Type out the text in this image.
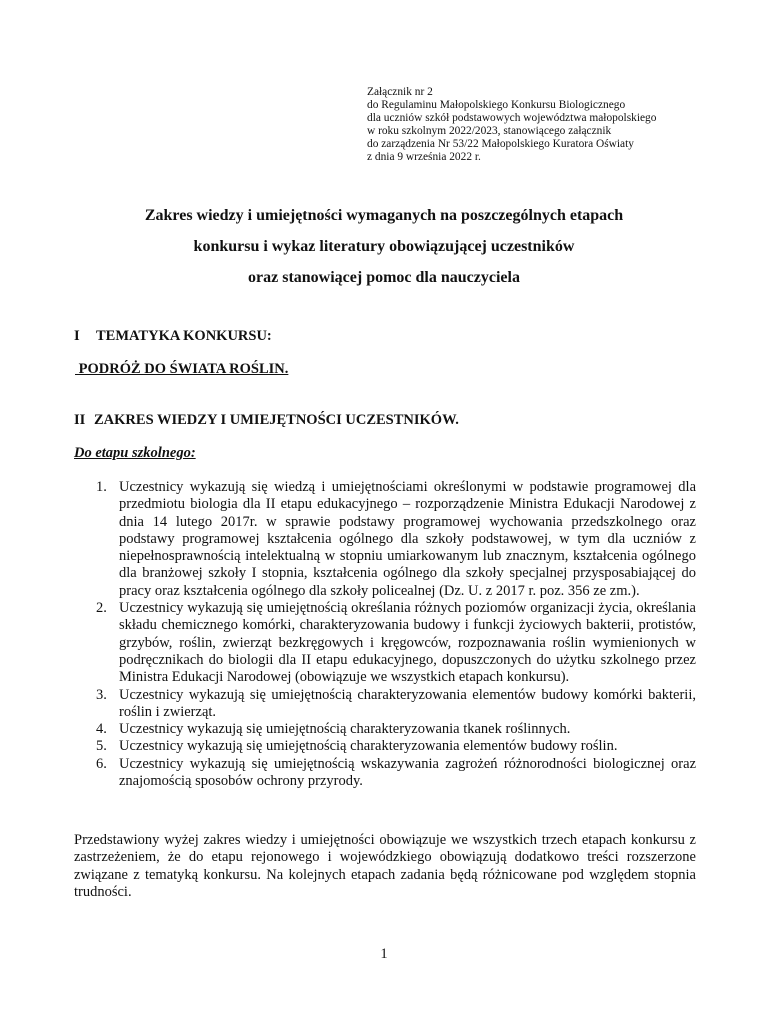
Załącznik nr 2
do Regulaminu Małopolskiego Konkursu Biologicznego
dla uczniów szkół podstawowych województwa małopolskiego
w roku szkolnym 2022/2023, stanowiącego załącznik
do zarządzenia Nr 53/22 Małopolskiego Kuratora Oświaty
z dnia 9 września 2022 r.
Zakres wiedzy i umiejętności wymaganych na poszczególnych etapach
konkursu i wykaz literatury obowiązującej uczestników
oraz stanowiącej pomoc dla nauczyciela
I TEMATYKA KONKURSU:
PODRÓŻ DO ŚWIATA ROŚLIN.
II ZAKRES WIEDZY I UMIEJĘTNOŚCI UCZESTNIKÓW.
Do etapu szkolnego:
1. Uczestnicy wykazują się wiedzą i umiejętnościami określonymi w podstawie programowej dla przedmiotu biologia dla II etapu edukacyjnego – rozporządzenie Ministra Edukacji Narodowej z dnia 14 lutego 2017r. w sprawie podstawy programowej wychowania przedszkolnego oraz podstawy programowej kształcenia ogólnego dla szkoły podstawowej, w tym dla uczniów z niepełnosprawnością intelektualną w stopniu umiarkowanym lub znacznym, kształcenia ogólnego dla branżowej szkoły I stopnia, kształcenia ogólnego dla szkoły specjalnej przysposabiającej do pracy oraz kształcenia ogólnego dla szkoły policealnej (Dz. U. z 2017 r. poz. 356 ze zm.).
2. Uczestnicy wykazują się umiejętnością określania różnych poziomów organizacji życia, określania składu chemicznego komórki, charakteryzowania budowy i funkcji życiowych bakterii, protistów, grzybów, roślin, zwierząt bezkręgowych i kręgowców, rozpoznawania roślin wymienionych w podręcznikach do biologii dla II etapu edukacyjnego, dopuszczonych do użytku szkolnego przez Ministra Edukacji Narodowej (obowiązuje we wszystkich etapach konkursu).
3. Uczestnicy wykazują się umiejętnością charakteryzowania elementów budowy komórki bakterii, roślin i zwierząt.
4. Uczestnicy wykazują się umiejętnością charakteryzowania tkanek roślinnych.
5. Uczestnicy wykazują się umiejętnością charakteryzowania elementów budowy roślin.
6. Uczestnicy wykazują się umiejętnością wskazywania zagrożeń różnorodności biologicznej oraz znajomością sposobów ochrony przyrody.
Przedstawiony wyżej zakres wiedzy i umiejętności obowiązuje we wszystkich trzech etapach konkursu z zastrzeżeniem, że do etapu rejonowego i wojewódzkiego obowiązują dodatkowo treści rozszerzone związane z tematyką konkursu. Na kolejnych etapach zadania będą różnicowane pod względem stopnia trudności.
1
